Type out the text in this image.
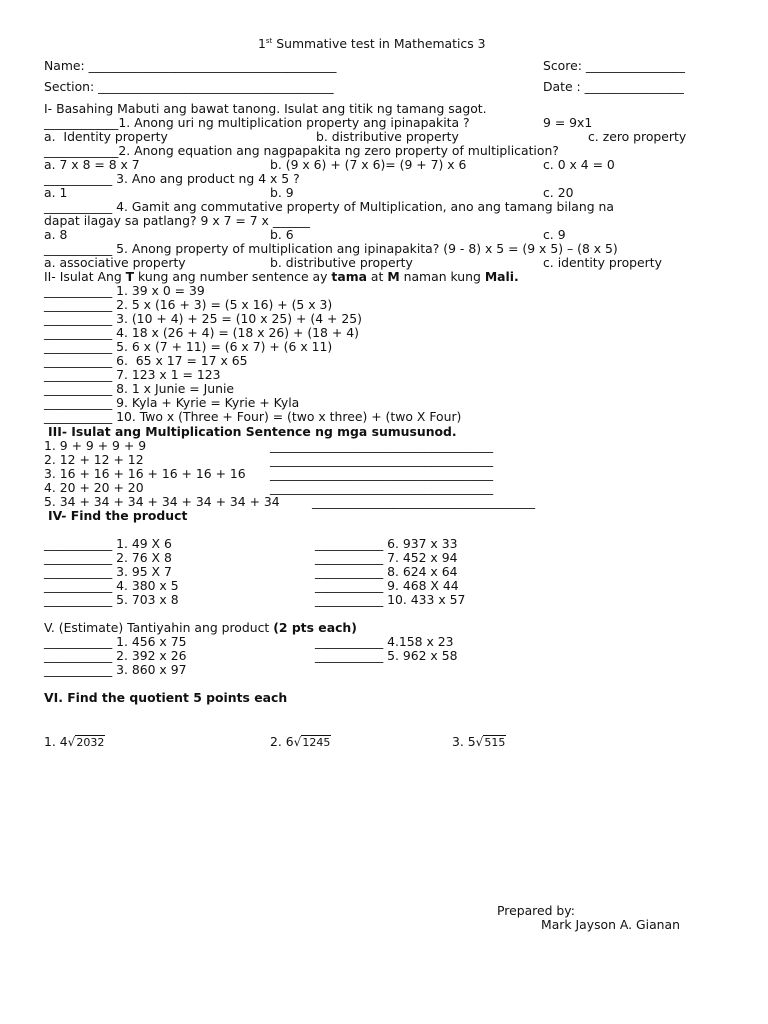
1st Summative test in Mathematics 3
Name: ________________________________________	Score: ________________
Section: ______________________________________	Date : ________________
I- Basahing Mabuti ang bawat tanong. Isulat ang titik ng tamang sagot.
____________1. Anong uri ng multiplication property ang ipinapakita ?	9 = 9x1
a.  Identity property	b. distributive property	c. zero property
____________2. Anong equation ang nagpapakita ng zero property of multiplication?
a. 7 x 8 = 8 x 7	b. (9 x 6) + (7 x 6)= (9 + 7) x 6	c. 0 x 4 = 0
___________ 3. Ano ang product ng 4 x 5 ?
a. 1	b. 9	c. 20
___________ 4. Gamit ang commutative property of Multiplication, ano ang tamang bilang na
dapat ilagay sa patlang? 9 x 7 = 7 x ______
a. 8	b. 6	c. 9
___________ 5. Anong property of multiplication ang ipinapakita? (9 - 8) x 5 = (9 x 5) – (8 x 5)
a. associative property	b. distributive property	c. identity property
II- Isulat Ang T kung ang number sentence ay tama at M naman kung Mali.
___________ 1. 39 x 0 = 39
___________ 2. 5 x (16 + 3) = (5 x 16) + (5 x 3)
___________ 3. (10 + 4) + 25 = (10 x 25) + (4 + 25)
___________ 4. 18 x (26 + 4) = (18 x 26) + (18 + 4)
___________ 5. 6 x (7 + 11) = (6 x 7) + (6 x 11)
___________ 6.  65 x 17 = 17 x 65
___________ 7. 123 x 1 = 123
___________ 8. 1 x Junie = Junie
___________ 9. Kyla + Kyrie = Kyrie + Kyla
___________ 10. Two x (Three + Four) = (two x three) + (two X Four)
III- Isulat ang Multiplication Sentence ng mga sumusunod.
1. 9 + 9 + 9 + 9	____________________________________
2. 12 + 12 + 12	____________________________________
3. 16 + 16 + 16 + 16 + 16 + 16 ____________________________________
4. 20 + 20 + 20	____________________________________
5. 34 + 34 + 34 + 34 + 34 + 34 + 34	____________________________________
IV- Find the product
___________ 1. 49 X 6
___________ 2. 76 X 8
___________ 3. 95 X 7
___________ 4. 380 x 5
___________ 5. 703 x 8
___________ 6. 937 x 33
___________ 7. 452 x 94
___________ 8. 624 x 64
___________ 9. 468 X 44
___________ 10. 433 x 57
V. (Estimate) Tantiyahin ang product (2 pts each)
___________ 1. 456 x 75
___________ 2. 392 x 26
___________ 3. 860 x 97
___________ 4.158 x 23
___________ 5. 962 x 58
VI. Find the quotient 5 points each
1. 4√2032	2. 6√1245	3. 5√515
Prepared by:
Mark Jayson A. Gianan
